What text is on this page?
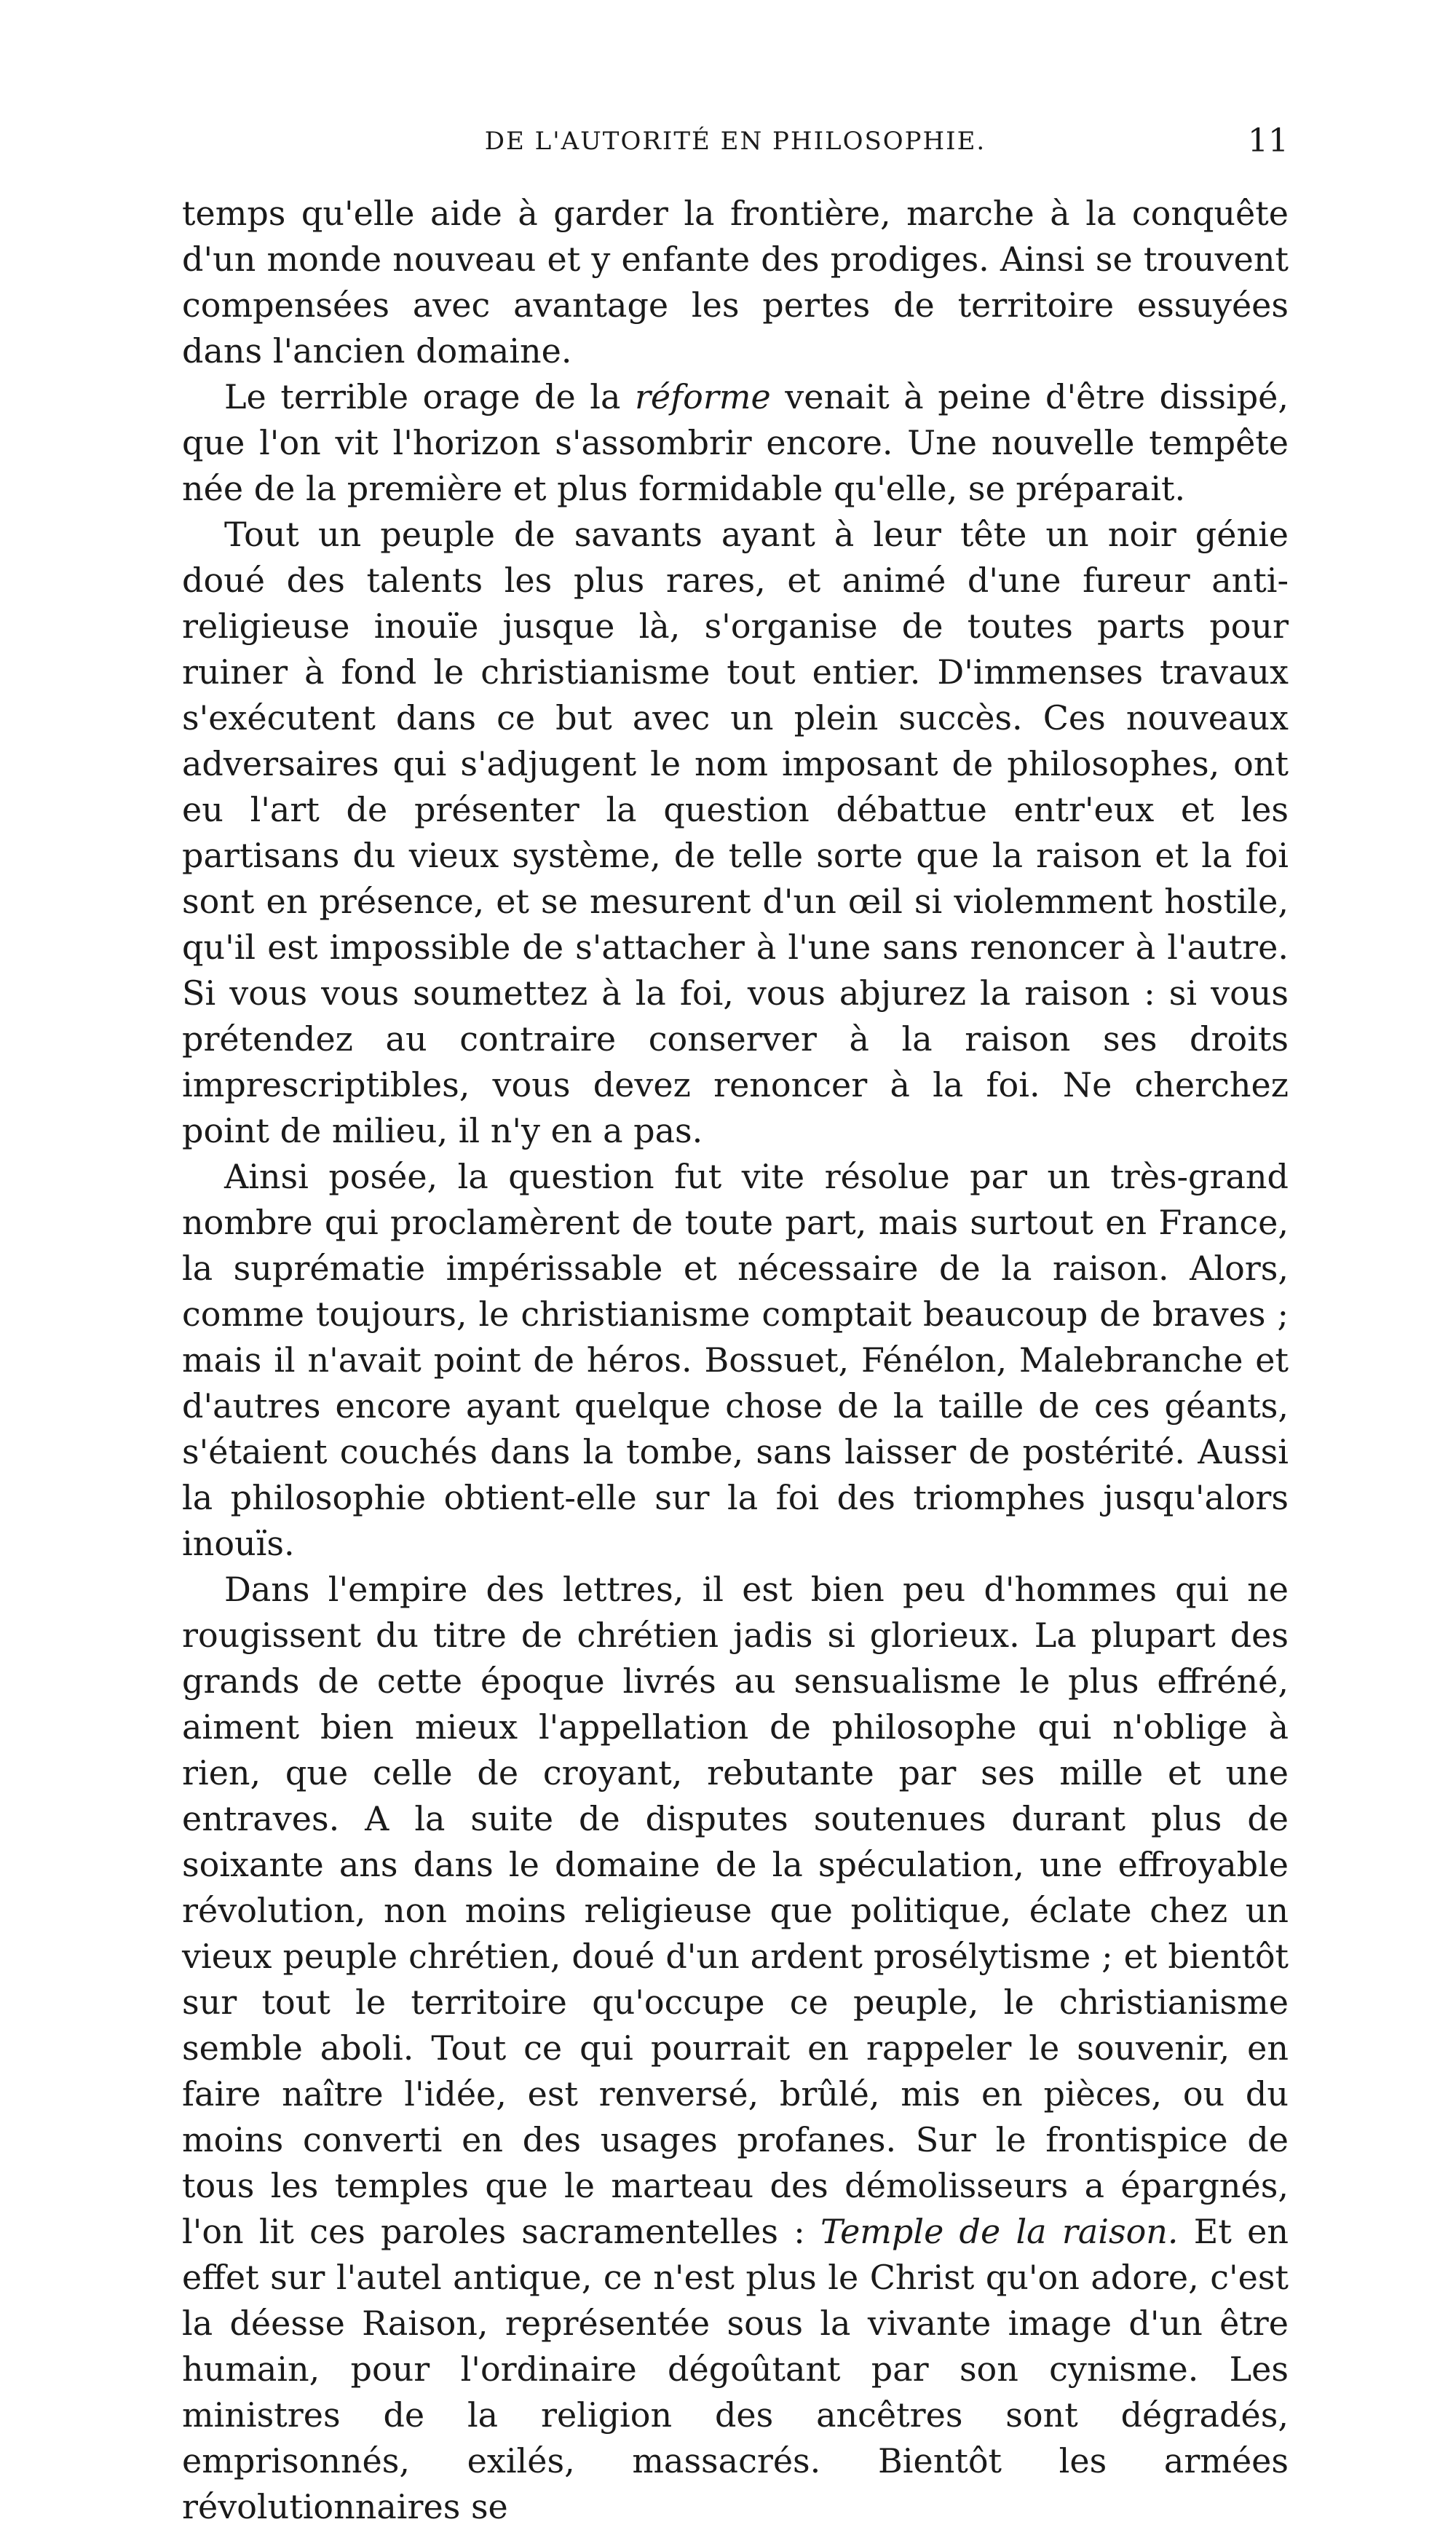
DE L'AUTORITÉ EN PHILOSOPHIE.	11

temps qu'elle aide à garder la frontière, marche à la conquête d'un monde nouveau et y enfante des prodiges. Ainsi se trouvent compensées avec avantage les pertes de territoire essuyées dans l'ancien domaine.

Le terrible orage de la réforme venait à peine d'être dissipé, que l'on vit l'horizon s'assombrir encore. Une nouvelle tempête née de la première et plus formidable qu'elle, se préparait.

Tout un peuple de savants ayant à leur tête un noir génie doué des talents les plus rares, et animé d'une fureur anti-religieuse inouïe jusque là, s'organise de toutes parts pour ruiner à fond le christianisme tout entier. D'immenses travaux s'exécutent dans ce but avec un plein succès. Ces nouveaux adversaires qui s'adjugent le nom imposant de philosophes, ont eu l'art de présenter la question débattue entr'eux et les partisans du vieux système, de telle sorte que la raison et la foi sont en présence, et se mesurent d'un œil si violemment hostile, qu'il est impossible de s'attacher à l'une sans renoncer à l'autre. Si vous vous soumettez à la foi, vous abjurez la raison : si vous prétendez au contraire conserver à la raison ses droits imprescriptibles, vous devez renoncer à la foi. Ne cherchez point de milieu, il n'y en a pas.

Ainsi posée, la question fut vite résolue par un très-grand nombre qui proclamèrent de toute part, mais surtout en France, la suprématie impérissable et nécessaire de la raison. Alors, comme toujours, le christianisme comptait beaucoup de braves ; mais il n'avait point de héros. Bossuet, Fénélon, Malebranche et d'autres encore ayant quelque chose de la taille de ces géants, s'étaient couchés dans la tombe, sans laisser de postérité. Aussi la philosophie obtient-elle sur la foi des triomphes jusqu'alors inouïs.

Dans l'empire des lettres, il est bien peu d'hommes qui ne rougissent du titre de chrétien jadis si glorieux. La plupart des grands de cette époque livrés au sensualisme le plus effréné, aiment bien mieux l'appellation de philosophe qui n'oblige à rien, que celle de croyant, rebutante par ses mille et une entraves. A la suite de disputes soutenues durant plus de soixante ans dans le domaine de la spéculation, une effroyable révolution, non moins religieuse que politique, éclate chez un vieux peuple chrétien, doué d'un ardent prosélytisme ; et bientôt sur tout le territoire qu'occupe ce peuple, le christianisme semble aboli. Tout ce qui pourrait en rappeler le souvenir, en faire naître l'idée, est renversé, brûlé, mis en pièces, ou du moins converti en des usages profanes. Sur le frontispice de tous les temples que le marteau des démolisseurs a épargnés, l'on lit ces paroles sacramentelles : Temple de la raison. Et en effet sur l'autel antique, ce n'est plus le Christ qu'on adore, c'est la déesse Raison, représentée sous la vivante image d'un être humain, pour l'ordinaire dégoûtant par son cynisme. Les ministres de la religion des ancêtres sont dégradés, emprisonnés, exilés, massacrés. Bientôt les armées révolutionnaires se
